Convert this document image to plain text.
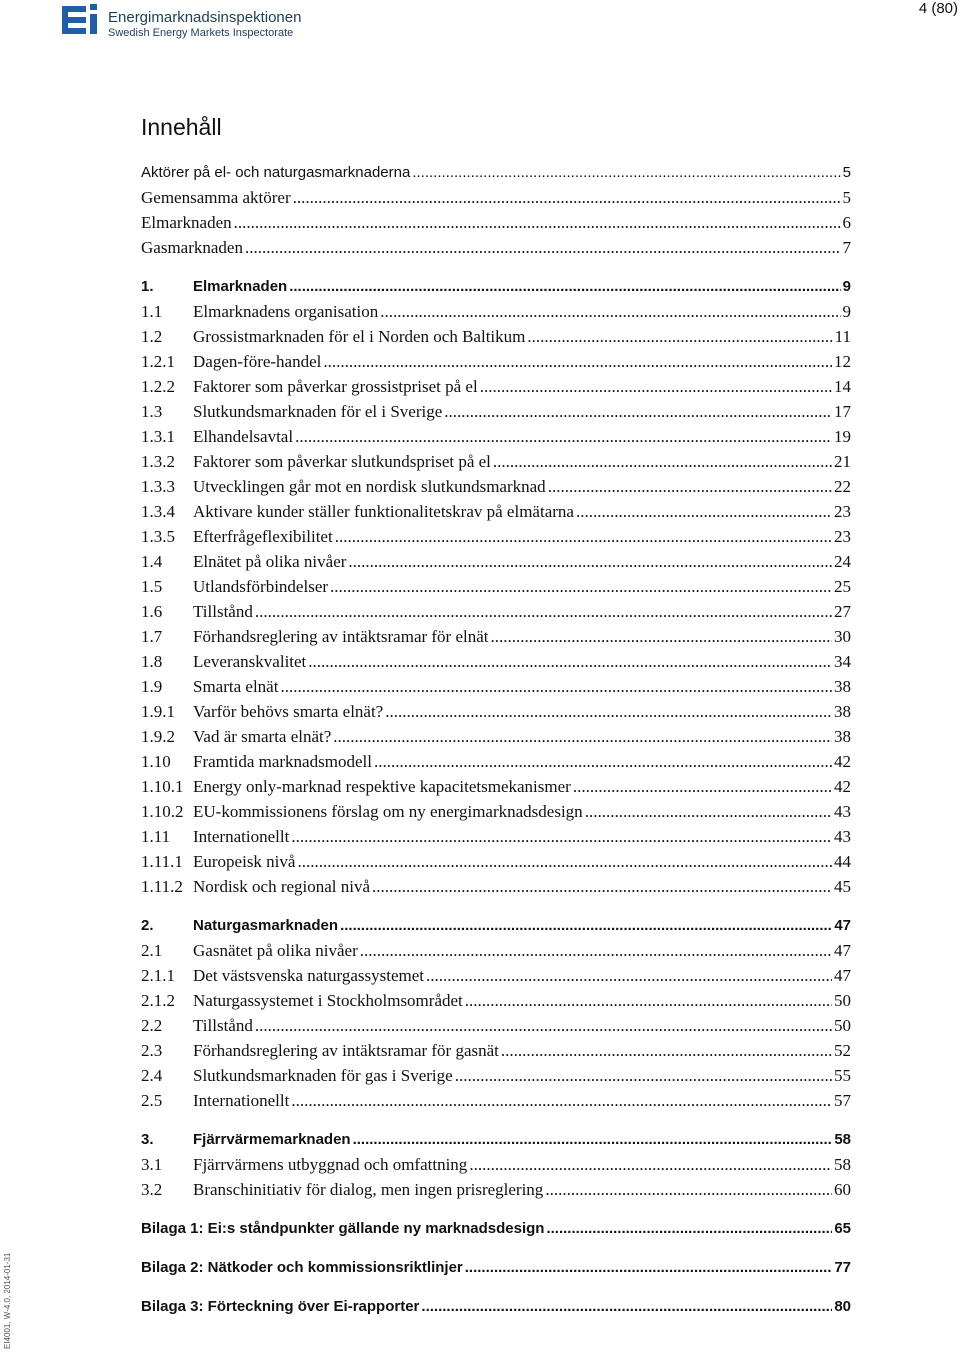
Energimarknadsinspektionen
Swedish Energy Markets Inspectorate
4 (80)
Innehåll
Aktörer på el- och naturgasmarknaderna .....	5
Gemensamma aktörer .....	5
Elmarknaden .....	6
Gasmarknaden .....	7
1.	Elmarknaden .....	9
1.1	Elmarknadens organisation .....	9
1.2	Grossistmarknaden för el i Norden och Baltikum .....	11
1.2.1	Dagen-före-handel .....	12
1.2.2	Faktorer som påverkar grossistpriset på el .....	14
1.3	Slutkundsmarknaden för el i Sverige .....	17
1.3.1	Elhandelsavtal .....	19
1.3.2	Faktorer som påverkar slutkundspriset på el .....	21
1.3.3	Utvecklingen går mot en nordisk slutkundsmarknad .....	22
1.3.4	Aktivare kunder ställer funktionalitetskrav på elmätarna .....	23
1.3.5	Efterfrågeflexibilitet .....	23
1.4	Elnätet på olika nivåer .....	24
1.5	Utlandsförbindelser .....	25
1.6	Tillstånd .....	27
1.7	Förhandsreglering av intäktsramar för elnät .....	30
1.8	Leveranskvalitet .....	34
1.9	Smarta elnät .....	38
1.9.1	Varför behövs smarta elnät? .....	38
1.9.2	Vad är smarta elnät? .....	38
1.10	Framtida marknadsmodell .....	42
1.10.1 Energy only-marknad respektive kapacitetsmekanismer .....	42
1.10.2 EU-kommissionens förslag om ny energimarknadsdesign .....	43
1.11	Internationellt .....	43
1.11.1 Europeisk nivå .....	44
1.11.2 Nordisk och regional nivå .....	45
2.	Naturgasmarknaden .....	47
2.1	Gasnätet på olika nivåer .....	47
2.1.1	Det västsvenska naturgassystemet .....	47
2.1.2	Naturgassystemet i Stockholmsområdet .....	50
2.2	Tillstånd .....	50
2.3	Förhandsreglering av intäktsramar för gasnät .....	52
2.4	Slutkundsmarknaden för gas i Sverige .....	55
2.5	Internationellt .....	57
3.	Fjärrvärmemarknaden .....	58
3.1	Fjärrvärmens utbyggnad och omfattning .....	58
3.2	Branschinitiativ för dialog, men ingen prisreglering .....	60
Bilaga 1: Ei:s ståndpunkter gällande ny marknadsdesign .....	65
Bilaga 2: Nätkoder och kommissionsriktlinjer .....	77
Bilaga 3: Förteckning över Ei-rapporter .....	80
EI4001, W-4.0, 2014-01-31
